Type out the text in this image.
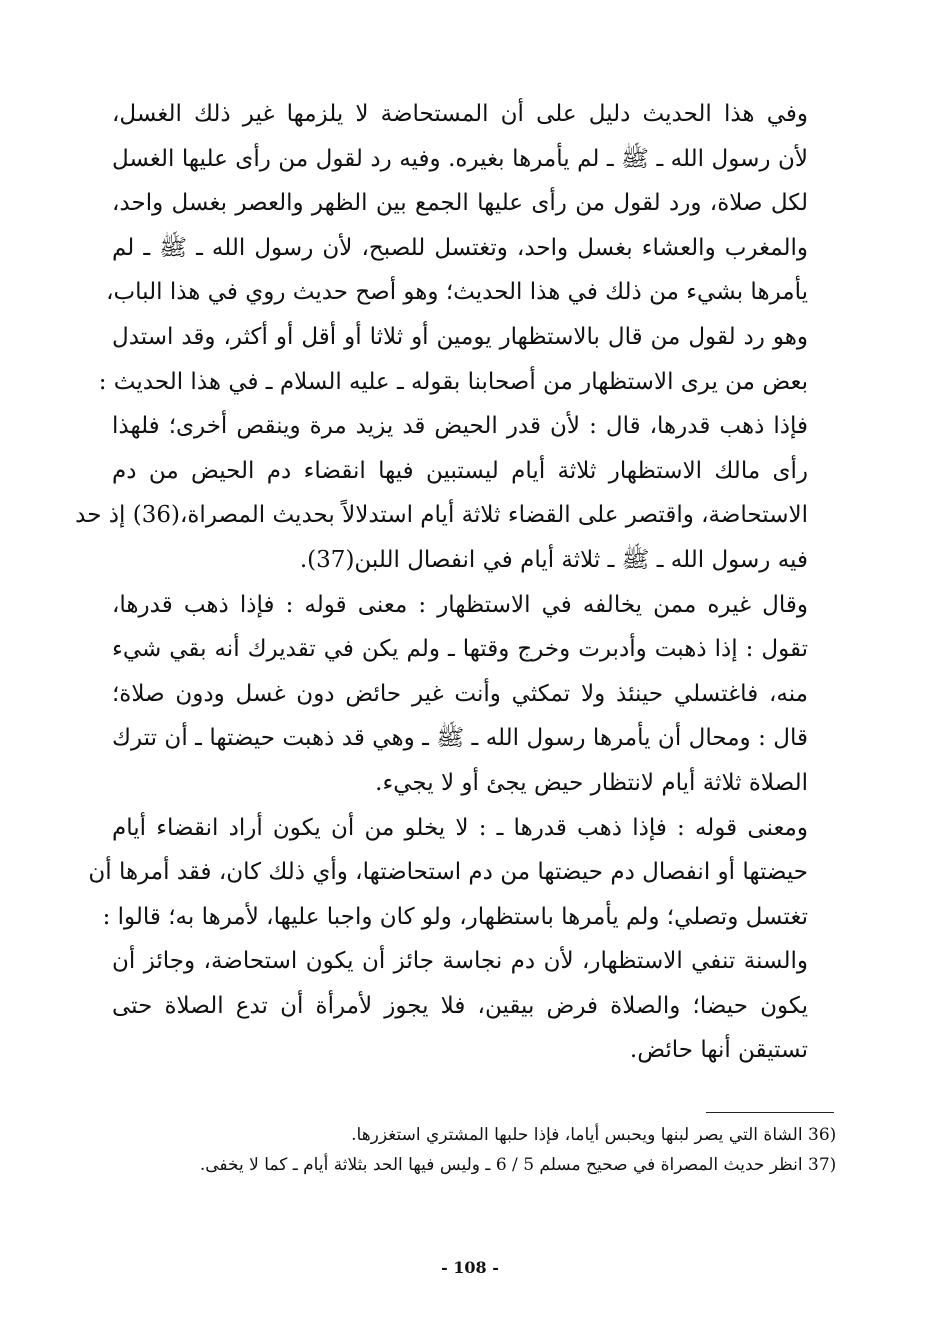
وفي هذا الحديث دليل على أن المستحاضة لا يلزمها غير ذلك الغسل،
لأن رسول الله ـ ﷺ ـ لم يأمرها بغيره. وفيه رد لقول من رأى عليها الغسل
لكل صلاة، ورد لقول من رأى عليها الجمع بين الظهر والعصر بغسل واحد،
والمغرب والعشاء بغسل واحد، وتغتسل للصبح، لأن رسول الله ـ ﷺ ـ لم
يأمرها بشيء من ذلك في هذا الحديث؛ وهو أصح حديث روي في هذا الباب،
وهو رد لقول من قال بالاستظهار يومين أو ثلاثا أو أقل أو أكثر، وقد استدل
بعض من يرى الاستظهار من أصحابنا بقوله ـ عليه السلام ـ في هذا الحديث :
فإذا ذهب قدرها، قال : لأن قدر الحيض قد يزيد مرة وينقص أخرى؛ فلهذا
رأى مالك الاستظهار ثلاثة أيام ليستبين فيها انقضاء دم الحيض من دم
الاستحاضة، واقتصر على القضاء ثلاثة أيام استدلالاً بحديث المصراة،(36) إذ حد
فيه رسول الله ـ ﷺ ـ ثلاثة أيام في انفصال اللبن(37).

وقال غيره ممن يخالفه في الاستظهار : معنى قوله : فإذا ذهب قدرها،
تقول : إذا ذهبت وأدبرت وخرج وقتها ـ ولم يكن في تقديرك أنه بقي شيء
منه، فاغتسلي حينئذ ولا تمكثي وأنت غير حائض دون غسل ودون صلاة؛
قال : ومحال أن يأمرها رسول الله ـ ﷺ ـ وهي قد ذهبت حيضتها ـ أن تترك
الصلاة ثلاثة أيام لانتظار حيض يجئ أو لا يجيء.

ومعنى قوله : فإذا ذهب قدرها ـ : لا يخلو من أن يكون أراد انقضاء أيام
حيضتها أو انفصال دم حيضتها من دم استحاضتها، وأي ذلك كان، فقد أمرها أن
تغتسل وتصلي؛ ولم يأمرها باستظهار، ولو كان واجبا عليها، لأمرها به؛ قالوا :
والسنة تنفي الاستظهار، لأن دم نجاسة جائز أن يكون استحاضة، وجائز أن
يكون حيضا؛ والصلاة فرض بيقين، فلا يجوز لأمرأة أن تدع الصلاة حتى
تستيقن أنها حائض.

36) الشاة التي يصر لبنها ويحبس أياما، فإذا حلبها المشتري استغزرها.
37) انظر حديث المصراة في صحيح مسلم 5 / 6 ـ وليس فيها الحد بثلاثة أيام ـ كما لا يخفى.
- 108 -
